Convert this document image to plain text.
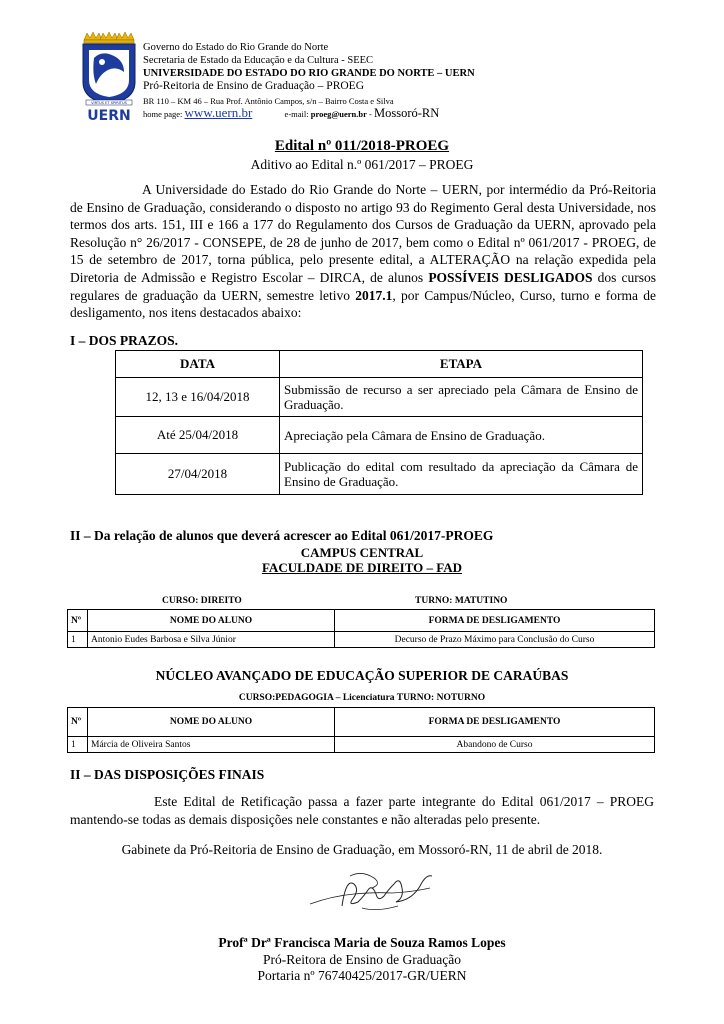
VIRTUS ET SPIRITUS
UERN
Governo do Estado do Rio Grande do Norte
Secretaria de Estado da Educação e da Cultura - SEEC
UNIVERSIDADE DO ESTADO DO RIO GRANDE DO NORTE – UERN
Pró-Reitoria de Ensino de Graduação – PROEG
BR 110 – KM 46 – Rua Prof. Antônio Campos, s/n – Bairro Costa e Silva
home page: www.uern.br	e-mail: proeg@uern.br - Mossoró-RN
Edital nº 011/2018-PROEG
Aditivo ao Edital n.º 061/2017 – PROEG

A Universidade do Estado do Rio Grande do Norte – UERN, por intermédio da Pró-Reitoria de Ensino de Graduação, considerando o disposto no artigo 93 do Regimento Geral desta Universidade, nos termos dos arts. 151, III e 166 a 177 do Regulamento dos Cursos de Graduação da UERN, aprovado pela Resolução n° 26/2017 - CONSEPE, de 28 de junho de 2017, bem como o Edital nº 061/2017 - PROEG, de 15 de setembro de 2017, torna pública, pelo presente edital, a ALTERAÇÃO na relação expedida pela Diretoria de Admissão e Registro Escolar – DIRCA, de alunos POSSÍVEIS DESLIGADOS dos cursos regulares de graduação da UERN, semestre letivo 2017.1, por Campus/Núcleo, Curso, turno e forma de desligamento, nos itens destacados abaixo:

I – DOS PRAZOS.
DATA	ETAPA
12, 13 e 16/04/2018	Submissão de recurso a ser apreciado pela Câmara de Ensino de Graduação.
Até 25/04/2018	Apreciação pela Câmara de Ensino de Graduação.
27/04/2018	Publicação do edital com resultado da apreciação da Câmara de Ensino de Graduação.
II – Da relação de alunos que deverá acrescer ao Edital 061/2017-PROEG
CAMPUS CENTRAL
FACULDADE DE DIREITO – FAD
CURSO: DIREITO	TURNO: MATUTINO
Nº	NOME DO ALUNO	FORMA DE DESLIGAMENTO
1	Antonio Eudes Barbosa e Silva Júnior	Decurso de Prazo Máximo para Conclusão do Curso
NÚCLEO AVANÇADO DE EDUCAÇÃO SUPERIOR DE CARAÚBAS
CURSO:PEDAGOGIA – Licenciatura TURNO: NOTURNO
Nº	NOME DO ALUNO	FORMA DE DESLIGAMENTO
1	Márcia de Oliveira Santos	Abandono de Curso
II – DAS DISPOSIÇÕES FINAIS

Este Edital de Retificação passa a fazer parte integrante do Edital 061/2017 – PROEG mantendo-se todas as demais disposições nele constantes e não alteradas pelo presente.

Gabinete da Pró-Reitoria de Ensino de Graduação, em Mossoró-RN, 11 de abril de 2018.
Profª Drª Francisca Maria de Souza Ramos Lopes
Pró-Reitora de Ensino de Graduação
Portaria nº 76740425/2017-GR/UERN
